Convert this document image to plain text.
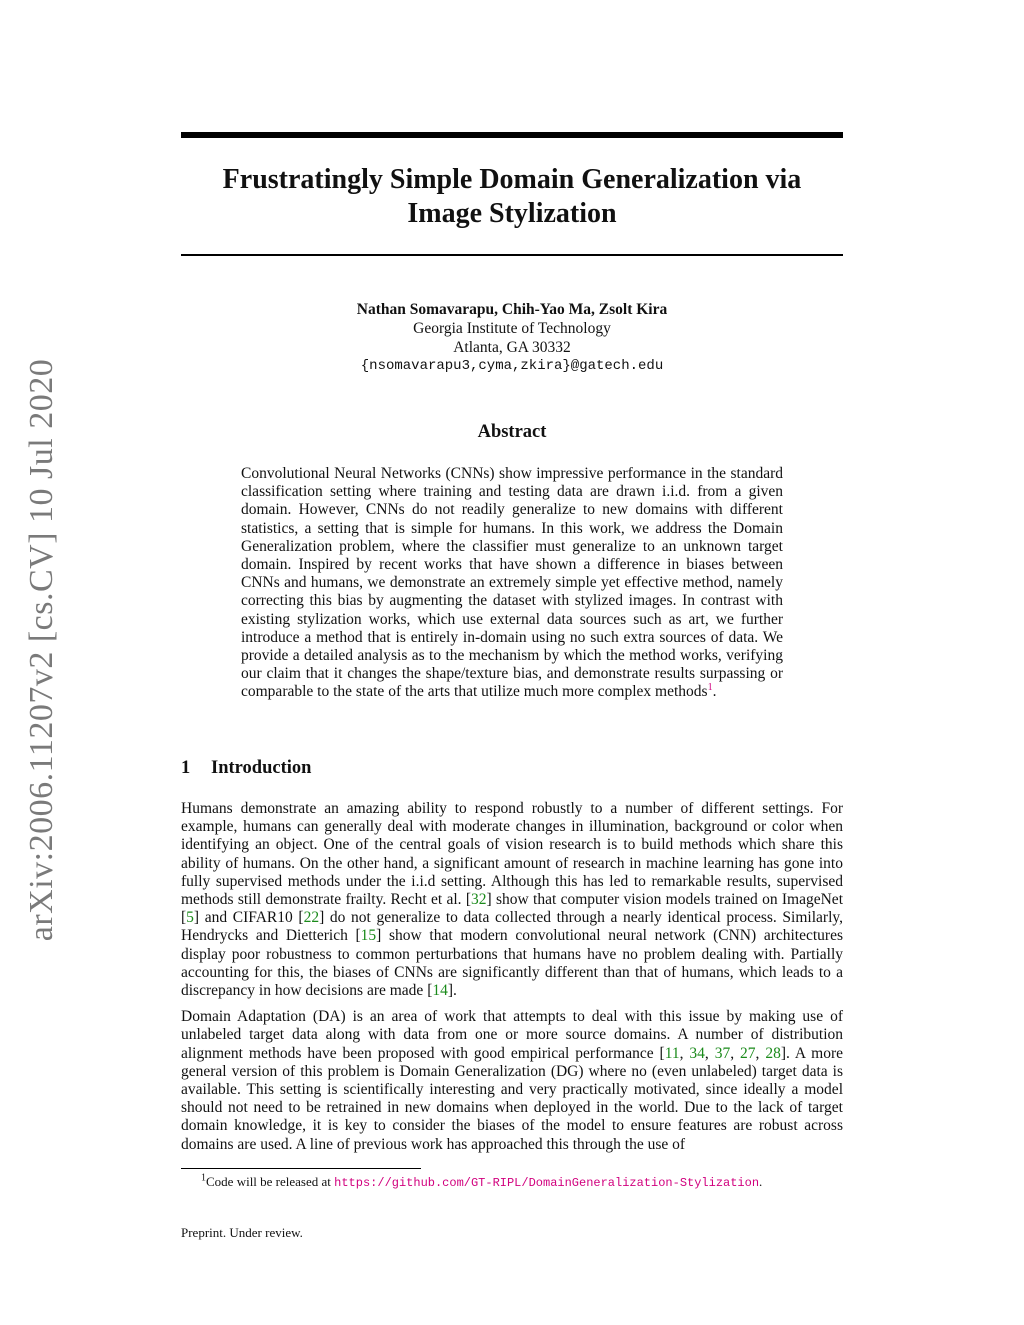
arXiv:2006.11207v2 [cs.CV] 10 Jul 2020
Frustratingly Simple Domain Generalization via
Image Stylization
Nathan Somavarapu, Chih-Yao Ma, Zsolt Kira
Georgia Institute of Technology
Atlanta, GA 30332
{nsomavarapu3,cyma,zkira}@gatech.edu
Abstract
Convolutional Neural Networks (CNNs) show impressive performance in the standard classification setting where training and testing data are drawn i.i.d. from a given domain. However, CNNs do not readily generalize to new domains with different statistics, a setting that is simple for humans. In this work, we address the Domain Generalization problem, where the classifier must generalize to an unknown target domain. Inspired by recent works that have shown a difference in biases between CNNs and humans, we demonstrate an extremely simple yet effective method, namely correcting this bias by augmenting the dataset with stylized images. In contrast with existing stylization works, which use external data sources such as art, we further introduce a method that is entirely in-domain using no such extra sources of data. We provide a detailed analysis as to the mechanism by which the method works, verifying our claim that it changes the shape/texture bias, and demonstrate results surpassing or comparable to the state of the arts that utilize much more complex methods$^1$.
1 Introduction

Humans demonstrate an amazing ability to respond robustly to a number of different settings. For example, humans can generally deal with moderate changes in illumination, background or color when identifying an object. One of the central goals of vision research is to build methods which share this ability of humans. On the other hand, a significant amount of research in machine learning has gone into fully supervised methods under the i.i.d setting. Although this has led to remarkable results, supervised methods still demonstrate frailty. Recht et al. [32] show that computer vision models trained on ImageNet [5] and CIFAR10 [22] do not generalize to data collected through a nearly identical process. Similarly, Hendrycks and Dietterich [15] show that modern convolutional neural network (CNN) architectures display poor robustness to common perturbations that humans have no problem dealing with. Partially accounting for this, the biases of CNNs are significantly different than that of humans, which leads to a discrepancy in how decisions are made [14].

Domain Adaptation (DA) is an area of work that attempts to deal with this issue by making use of unlabeled target data along with data from one or more source domains. A number of distribution alignment methods have been proposed with good empirical performance [11, 34, 37, 27, 28]. A more general version of this problem is Domain Generalization (DG) where no (even unlabeled) target data is available. This setting is scientifically interesting and very practically motivated, since ideally a model should not need to be retrained in new domains when deployed in the world. Due to the lack of target domain knowledge, it is key to consider the biases of the model to ensure features are robust across domains are used. A line of previous work has approached this through the use of

$^1$Code will be released at https://github.com/GT-RIPL/DomainGeneralization-Stylization.
Preprint. Under review.
